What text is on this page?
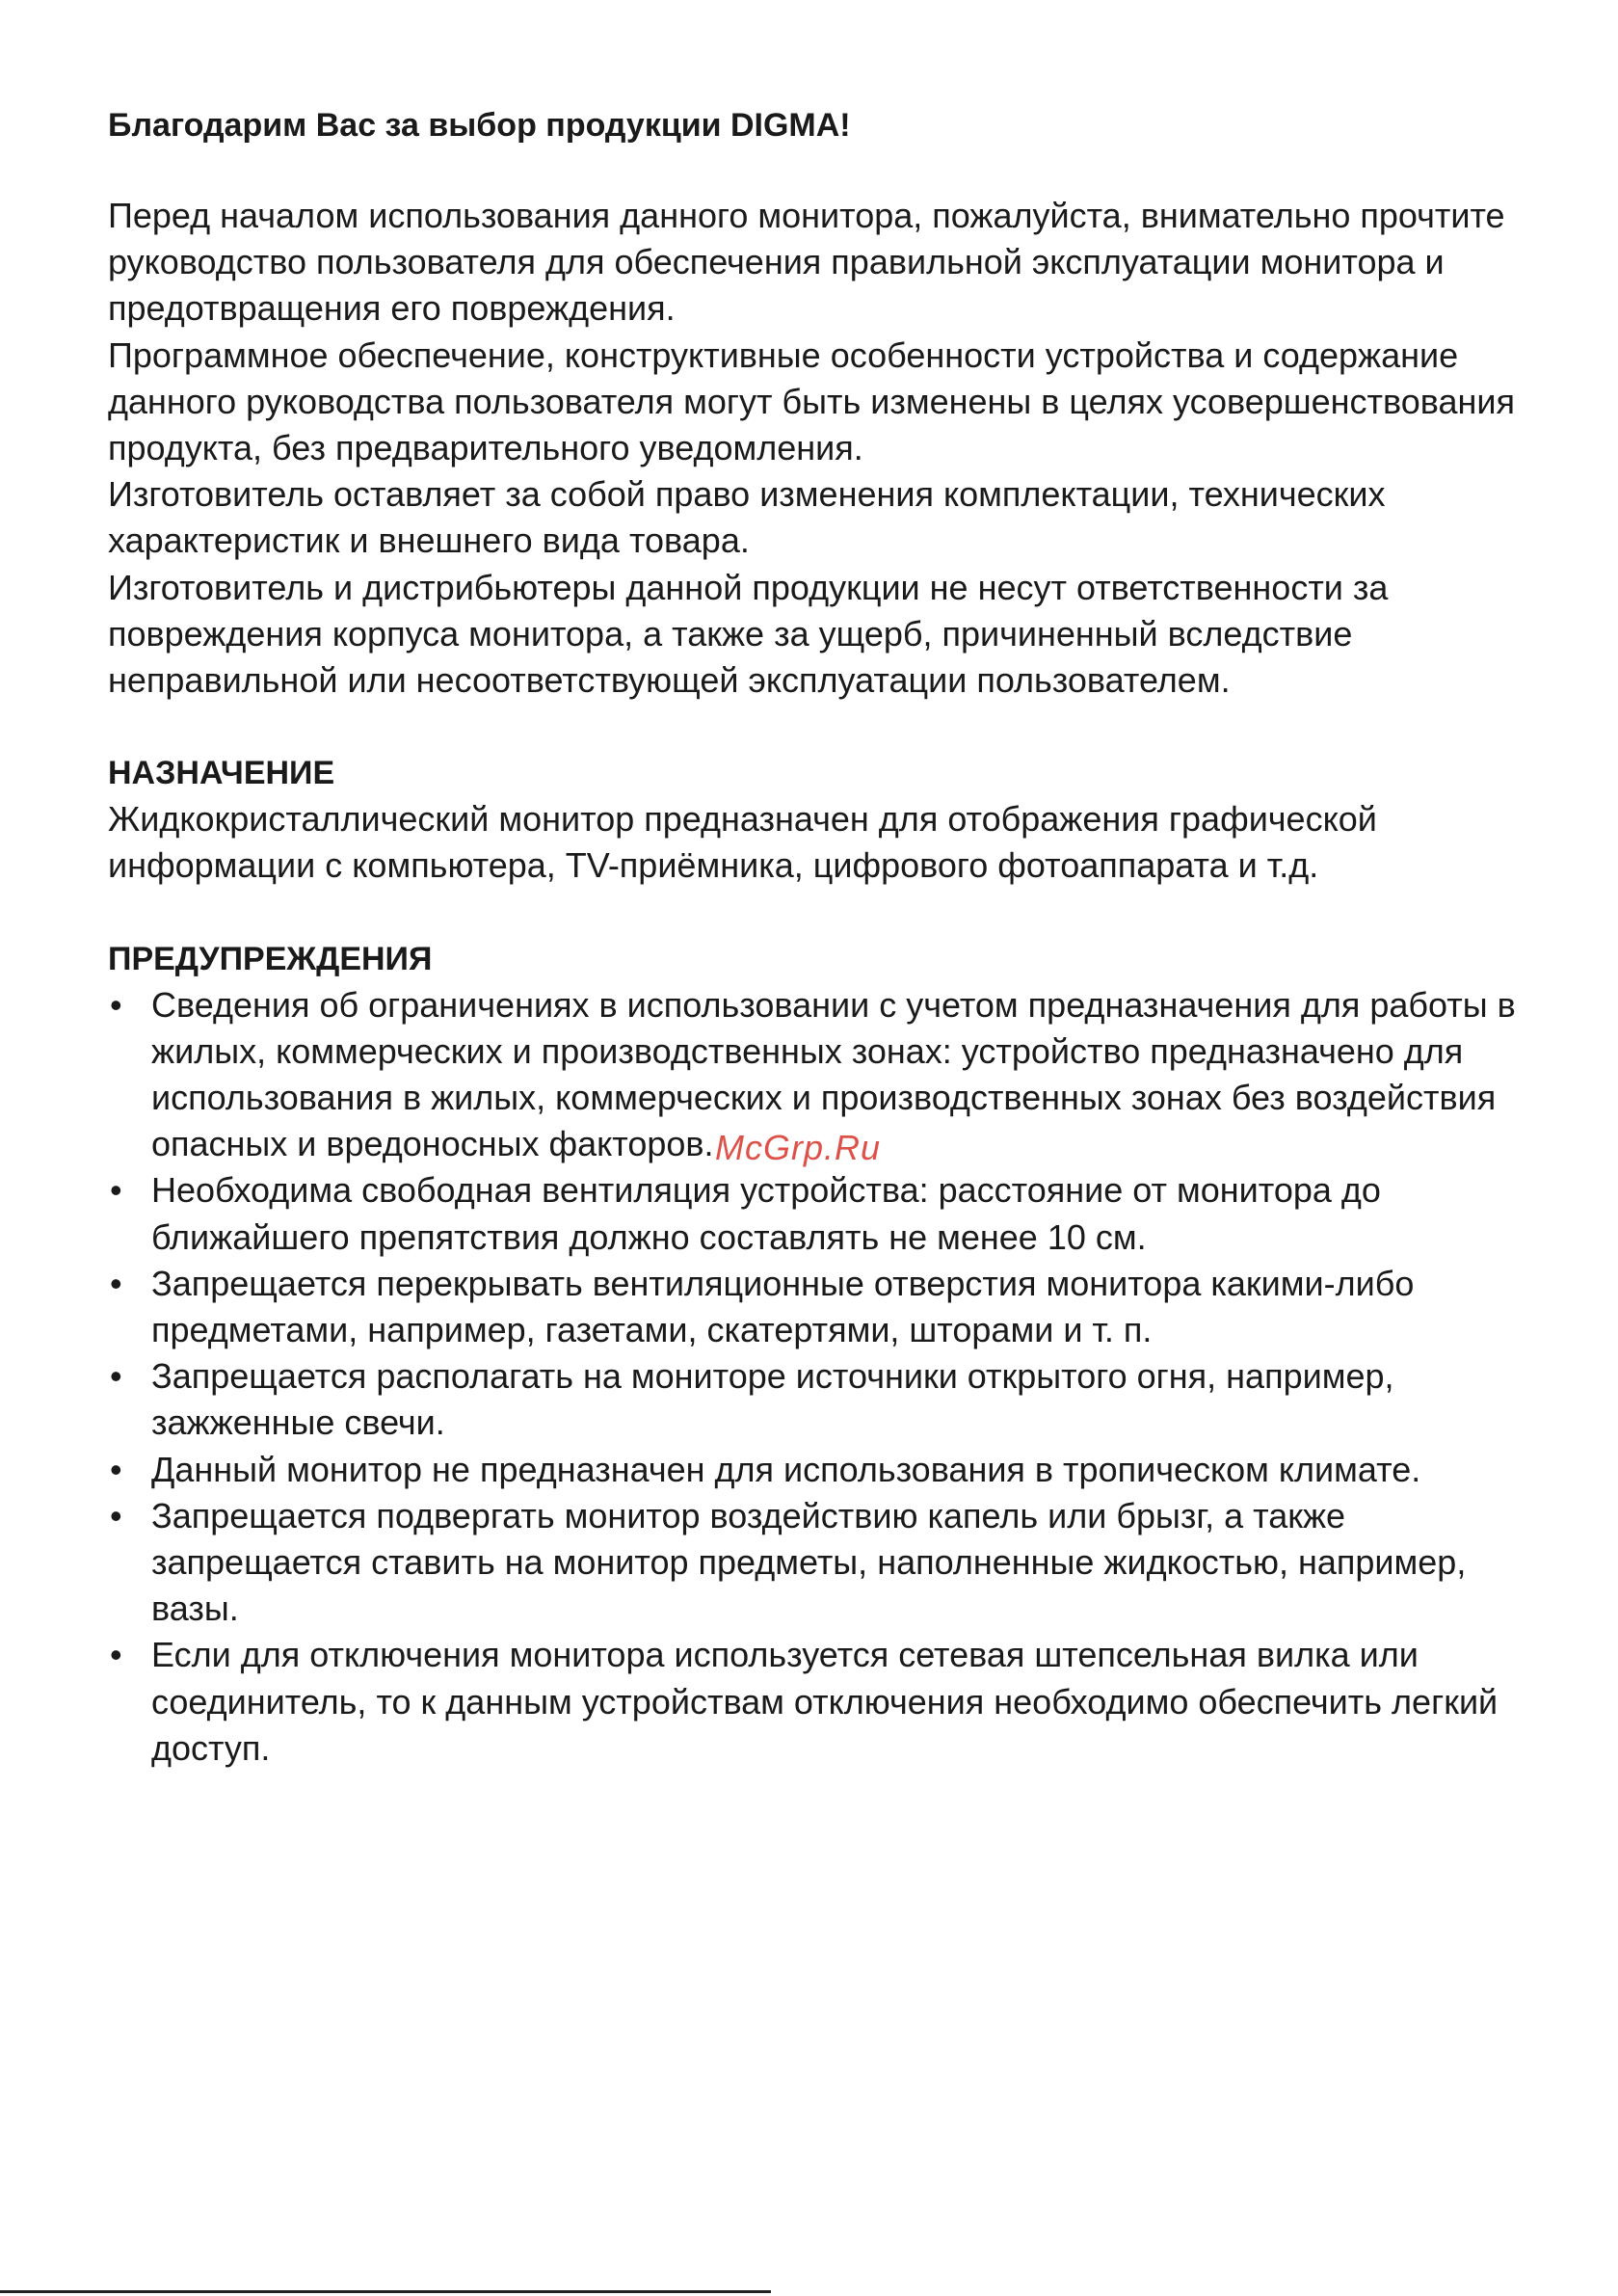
Благодарим Вас за выбор продукции DIGMA!

Перед началом использования данного монитора, пожалуйста, внимательно прочтите руководство пользователя для обеспечения правильной эксплуатации монитора и предотвращения его повреждения.

Программное обеспечение, конструктивные особенности устройства и содержание данного руководства пользователя могут быть изменены в целях усовершенствования продукта, без предварительного уведомления.

Изготовитель оставляет за собой право изменения комплектации, технических характеристик и внешнего вида товара.

Изготовитель и дистрибьютеры данной продукции не несут ответственности за повреждения корпуса монитора, а также за ущерб, причиненный вследствие неправильной или несоответствующей эксплуатации пользователем.

НАЗНАЧЕНИЕ

Жидкокристаллический монитор предназначен для отображения графической информации с компьютера, TV-приёмника, цифрового фотоаппарата и т.д.

ПРЕДУПРЕЖДЕНИЯ

• Сведения об ограничениях в использовании с учетом предназначения для работы в жилых, коммерческих и производственных зонах: устройство предназначено для использования в жилых, коммерческих и производственных зонах без воздействия опасных и вредоносных факторов.
• Необходима свободная вентиляция устройства: расстояние от монитора до ближайшего препятствия должно составлять не менее 10 см.
• Запрещается перекрывать вентиляционные отверстия монитора какими-либо предметами, например, газетами, скатертями, шторами и т. п.
• Запрещается располагать на мониторе источники открытого огня, например, зажженные свечи.
• Данный монитор не предназначен для использования в тропическом климате.
• Запрещается подвергать монитор воздействию капель или брызг, а также запрещается ставить на монитор предметы, наполненные жидкостью, например, вазы.
• Если для отключения монитора используется сетевая штепсельная вилка или соединитель, то к данным устройствам отключения необходимо обеспечить легкий доступ.
McGrp.Ru
